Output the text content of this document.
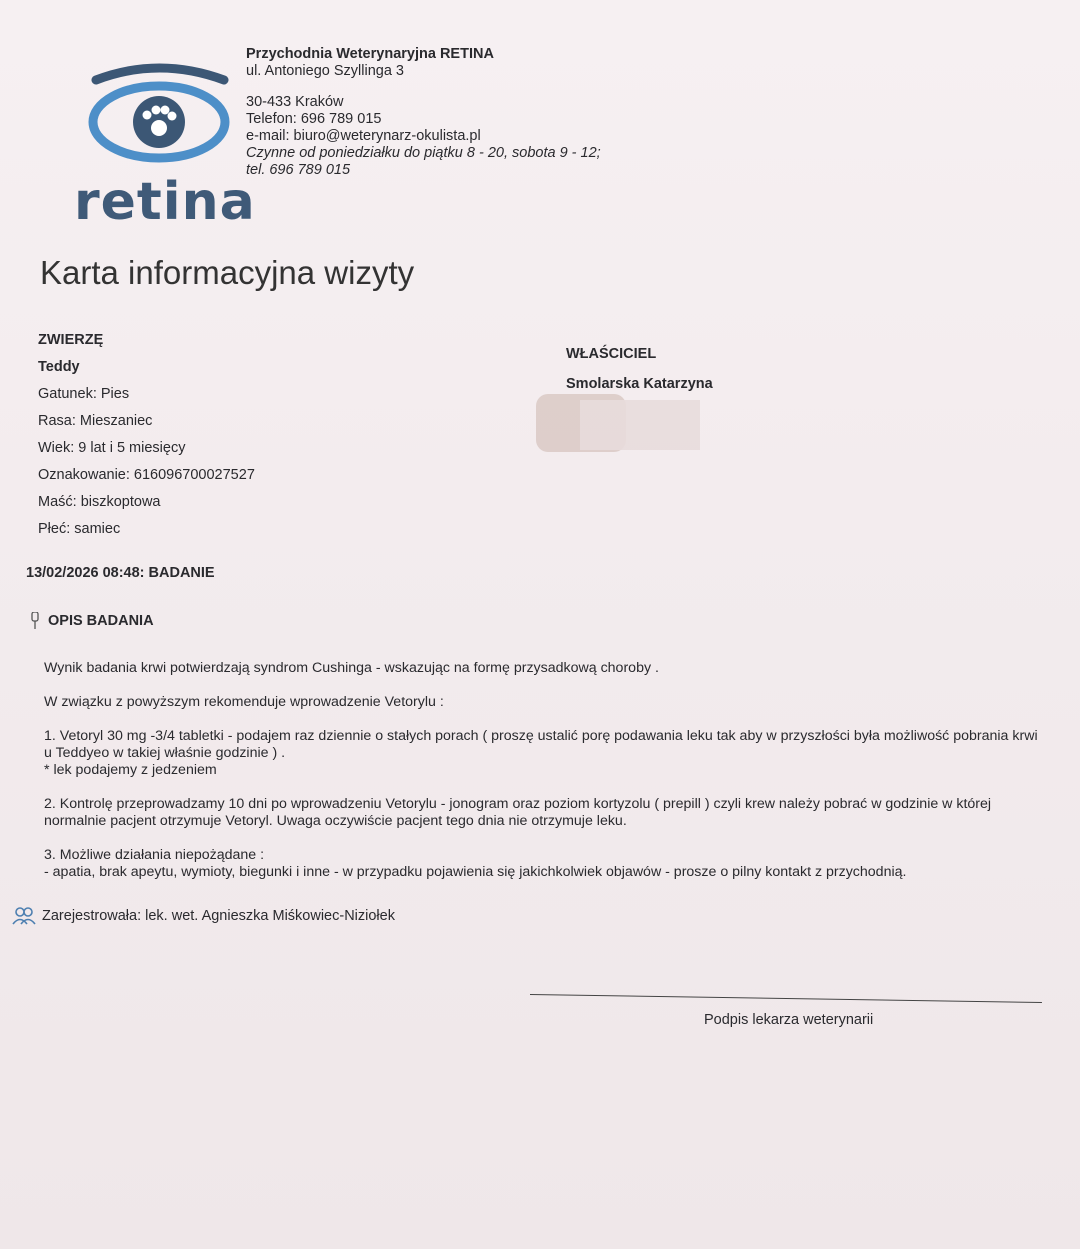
retina
Przychodnia Weterynaryjna RETINA
ul. Antoniego Szyllinga 3
30-433 Kraków
Telefon: 696 789 015
e-mail: biuro@weterynarz-okulista.pl
Czynne od poniedziałku do piątku 8 - 20, sobota 9 - 12;
tel. 696 789 015
Karta informacyjna wizyty
ZWIERZĘ
Teddy
Gatunek: Pies
Rasa: Mieszaniec
Wiek: 9 lat i 5 miesięcy
Oznakowanie: 616096700027527
Maść: biszkoptowa
Płeć: samiec
WŁAŚCICIEL
Smolarska Katarzyna
13/02/2026 08:48: BADANIE
OPIS BADANIA

Wynik badania krwi potwierdzają syndrom Cushinga - wskazując na formę przysadkową choroby .

W związku z powyższym rekomenduje wprowadzenie Vetorylu :

1. Vetoryl 30 mg -3/4 tabletki - podajem raz dziennie o stałych porach ( proszę ustalić porę podawania leku tak aby w przyszłości była możliwość pobrania krwi u Teddyeo w takiej właśnie godzinie ) .

* lek podajemy z jedzeniem

2. Kontrolę przeprowadzamy 10 dni po wprowadzeniu Vetorylu - jonogram oraz poziom kortyzolu ( prepill ) czyli krew należy pobrać w godzinie w której normalnie pacjent otrzymuje Vetoryl. Uwaga oczywiście pacjent tego dnia nie otrzymuje leku.

3. Możliwe działania niepożądane :

- apatia, brak apeytu, wymioty, biegunki i inne - w przypadku pojawienia się jakichkolwiek objawów - prosze o pilny kontakt z przychodnią.

Zarejestrowała: lek. wet. Agnieszka Miśkowiec-Niziołek
Podpis lekarza weterynarii
